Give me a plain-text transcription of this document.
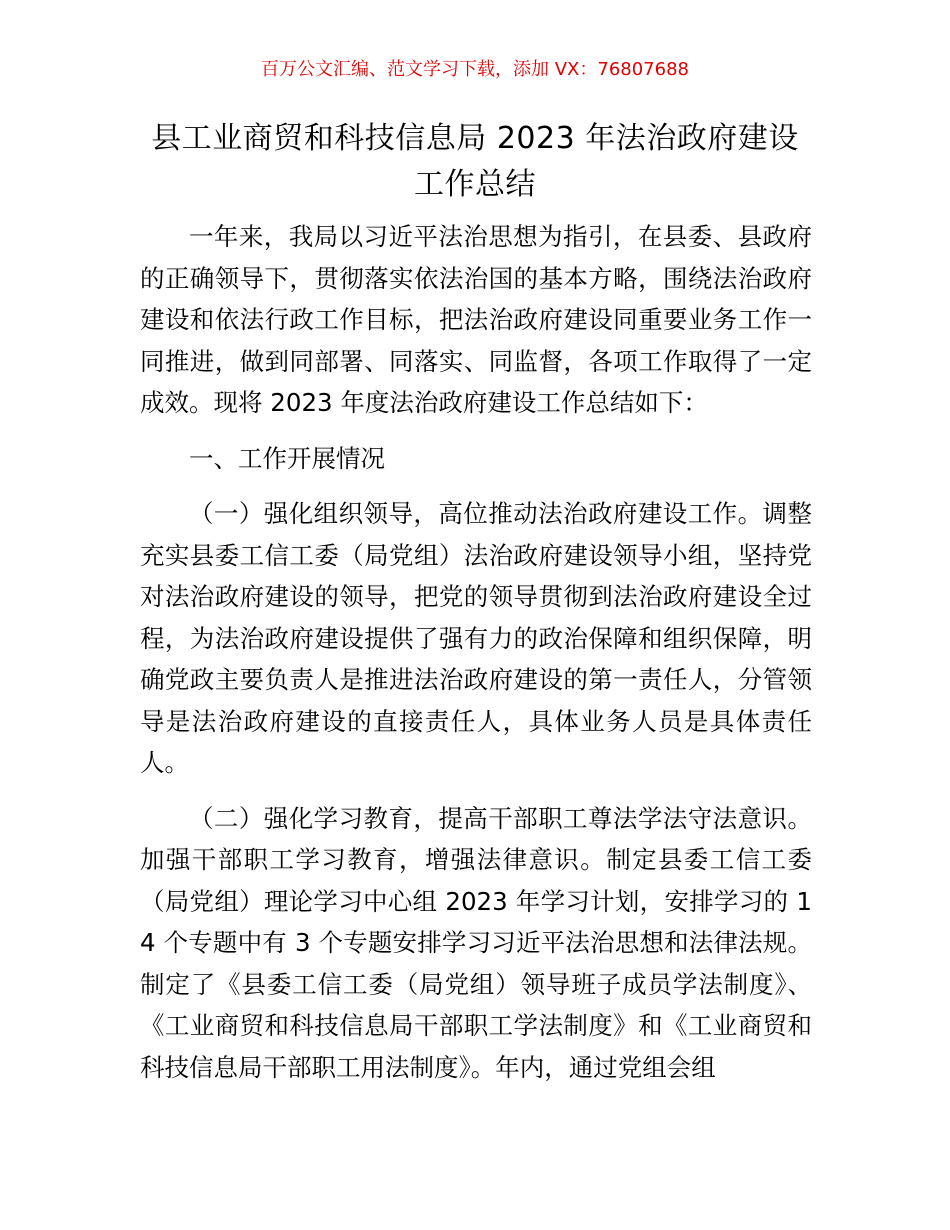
百万公文汇编、范文学习下载，添加 VX：76807688
县工业商贸和科技信息局 2023 年法治政府建设
工作总结

一年来，我局以习近平法治思想为指引，在县委、县政府的正确领导下，贯彻落实依法治国的基本方略，围绕法治政府建设和依法行政工作目标，把法治政府建设同重要业务工作一同推进，做到同部署、同落实、同监督，各项工作取得了一定成效。现将 2023 年度法治政府建设工作总结如下：

一、工作开展情况

（一）强化组织领导，高位推动法治政府建设工作。调整充实县委工信工委（局党组）法治政府建设领导小组，坚持党对法治政府建设的领导，把党的领导贯彻到法治政府建设全过程，为法治政府建设提供了强有力的政治保障和组织保障，明确党政主要负责人是推进法治政府建设的第一责任人，分管领导是法治政府建设的直接责任人，具体业务人员是具体责任人。

（二）强化学习教育，提高干部职工尊法学法守法意识。加强干部职工学习教育，增强法律意识。制定县委工信工委（局党组）理论学习中心组 2023 年学习计划，安排学习的 14 个专题中有 3 个专题安排学习习近平法治思想和法律法规。制定了《县委工信工委（局党组）领导班子成员学法制度》、《工业商贸和科技信息局干部职工学法制度》和《工业商贸和科技信息局干部职工用法制度》。年内，通过党组会组
